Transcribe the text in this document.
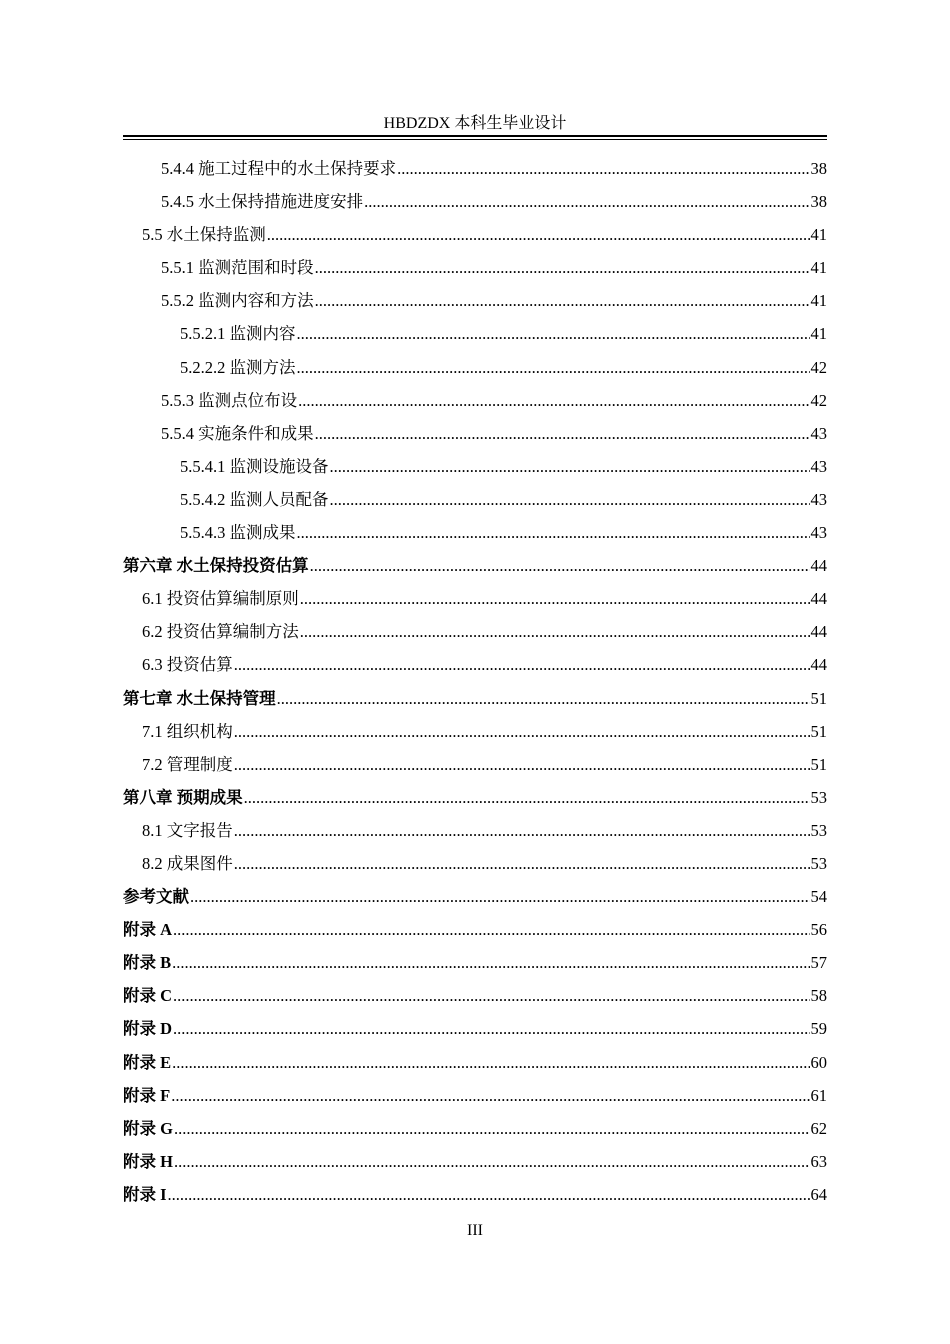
HBDZDX 本科生毕业设计
5.4.4 施工过程中的水土保持要求 .....	38
5.4.5 水土保持措施进度安排 .....	38
5.5 水土保持监测 .....	41
5.5.1 监测范围和时段 .....	41
5.5.2 监测内容和方法 .....	41
5.5.2.1 监测内容 .....	41
5.2.2.2 监测方法 .....	42
5.5.3 监测点位布设 .....	42
5.5.4 实施条件和成果 .....	43
5.5.4.1 监测设施设备 .....	43
5.5.4.2 监测人员配备 .....	43
5.5.4.3 监测成果 .....	43
第六章 水土保持投资估算 .....	44
6.1 投资估算编制原则 .....	44
6.2 投资估算编制方法 .....	44
6.3 投资估算 .....	44
第七章 水土保持管理 .....	51
7.1 组织机构 .....	51
7.2 管理制度 .....	51
第八章 预期成果 .....	53
8.1 文字报告 .....	53
8.2 成果图件 .....	53
参考文献 .....	54
附录 A .....	56
附录 B .....	57
附录 C .....	58
附录 D .....	59
附录 E .....	60
附录 F .....	61
附录 G .....	62
附录 H .....	63
附录 I .....	64
III
